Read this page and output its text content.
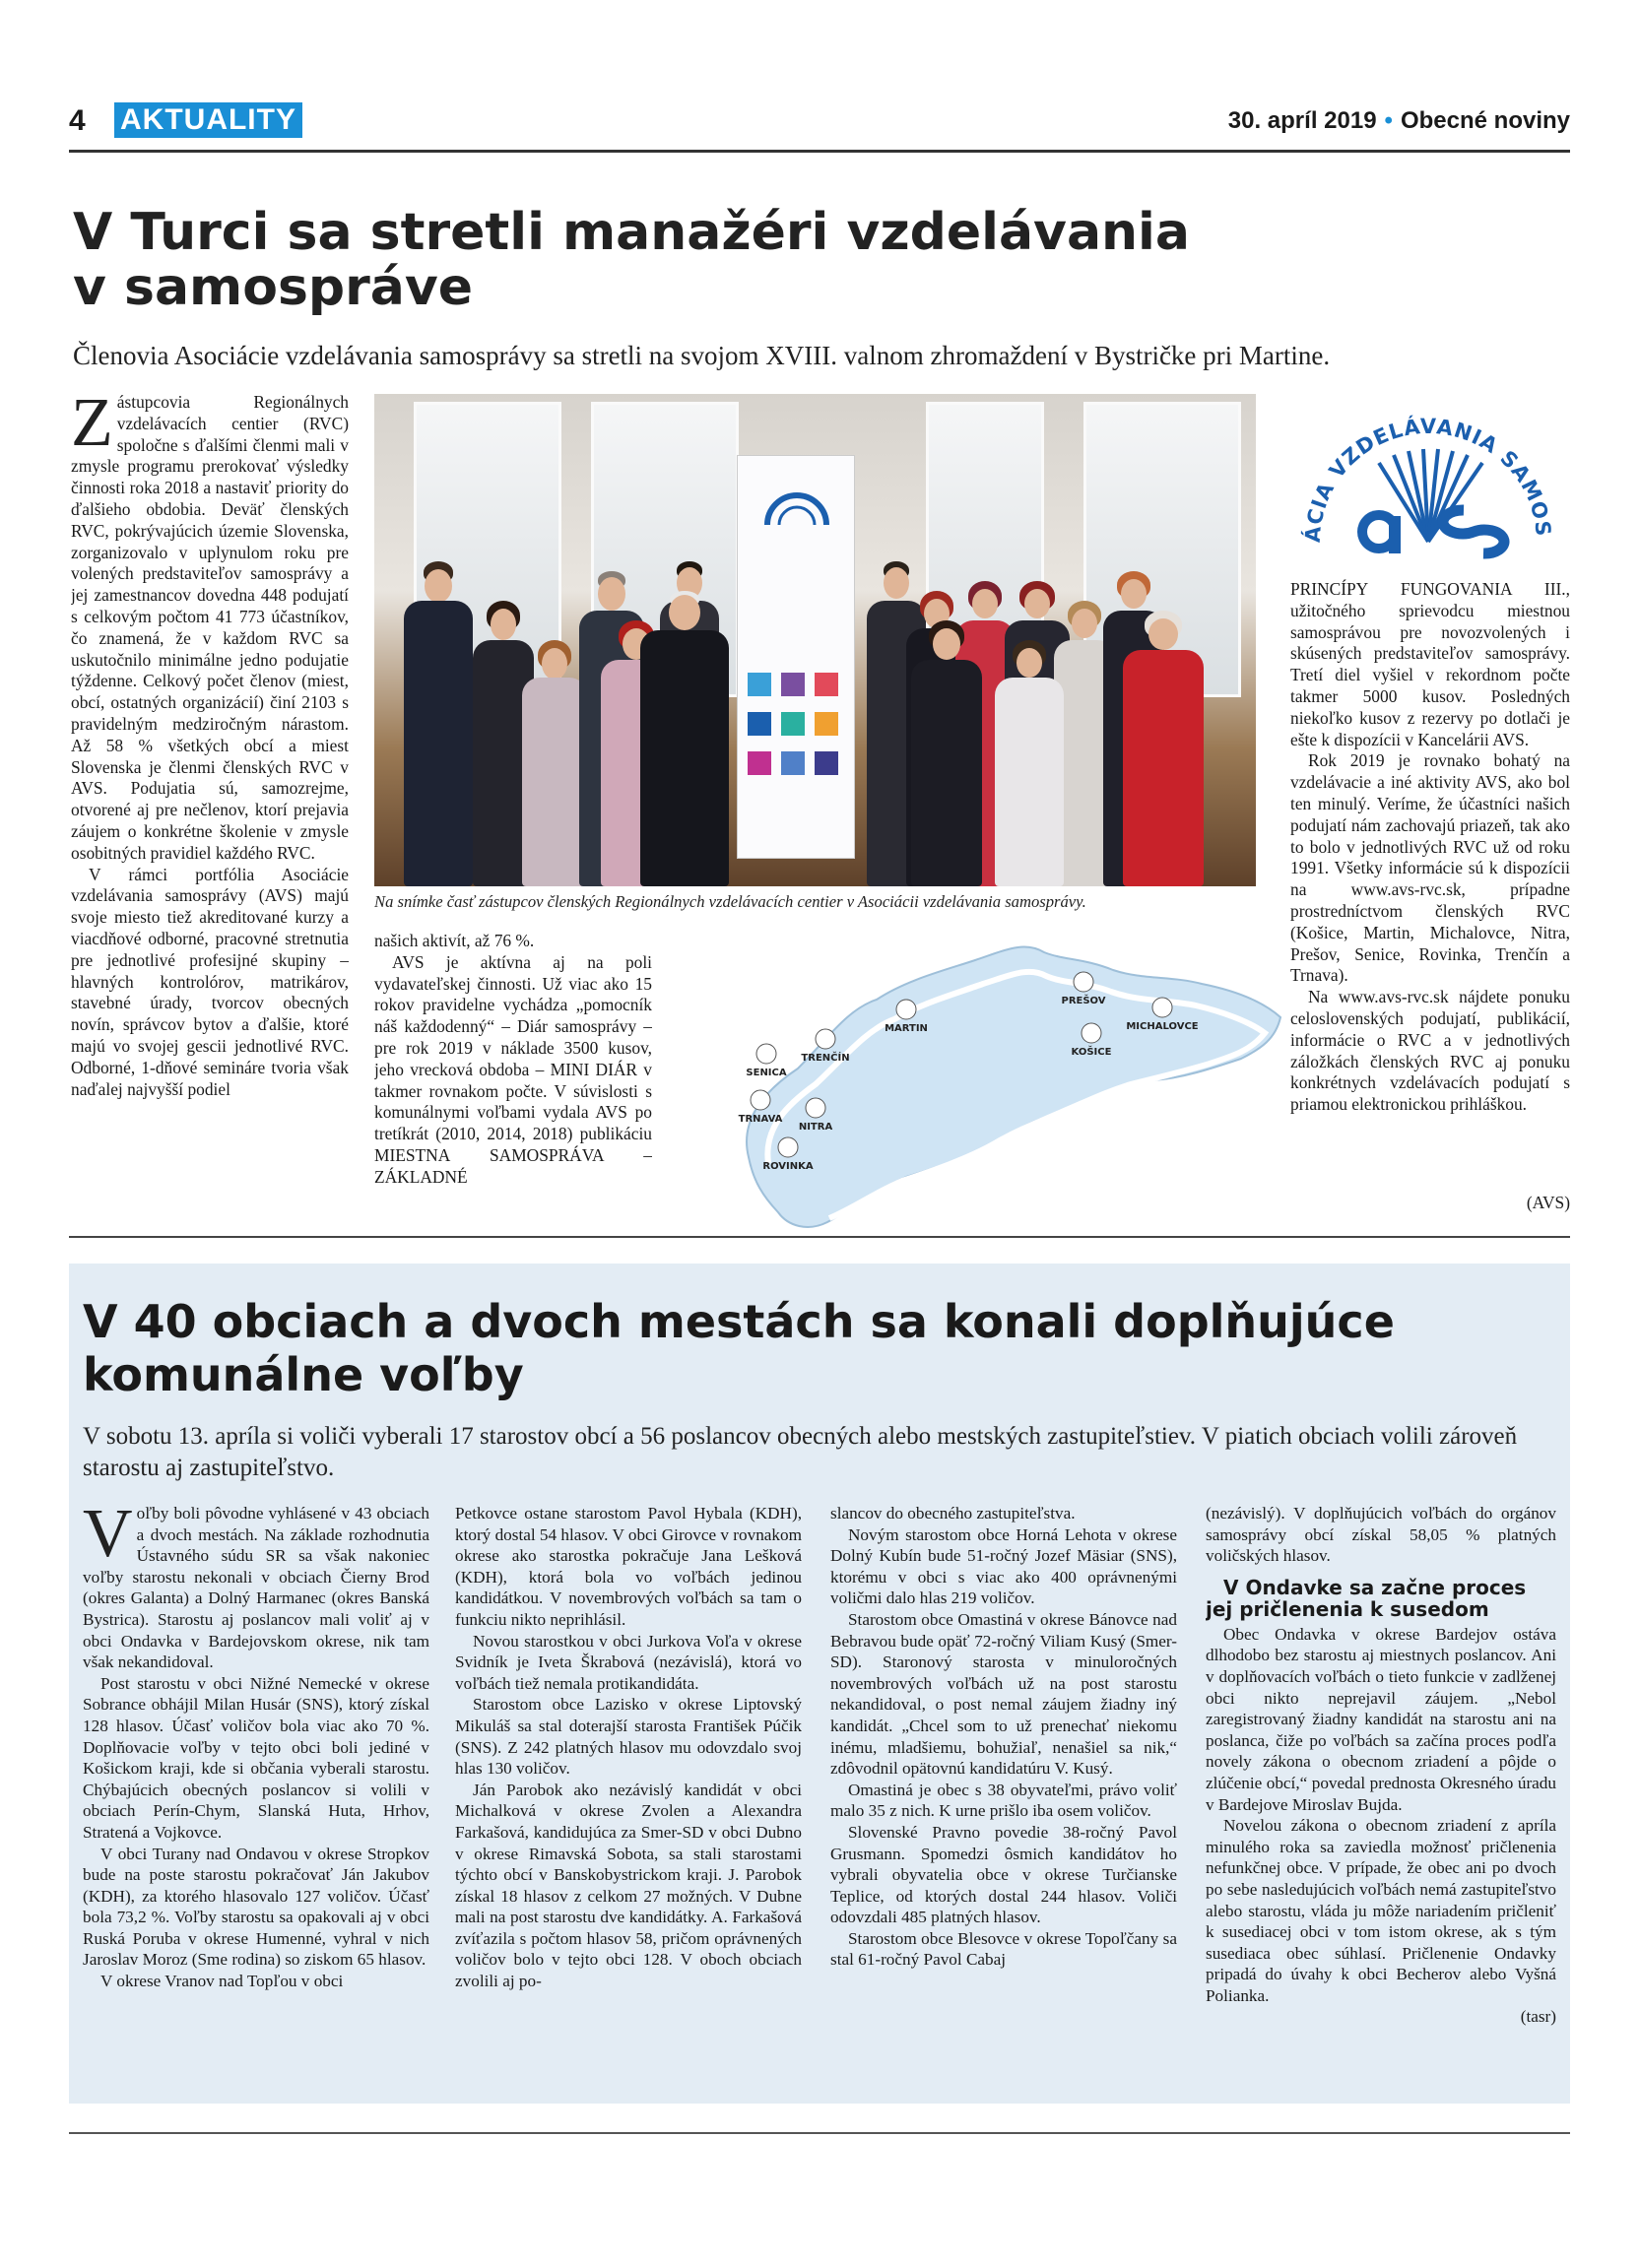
4 AKTUALITY	30. apríl 2019 • Obecné noviny
V Turci sa stretli manažéri vzdelávania
v samospráve
Členovia Asociácie vzdelávania samosprávy sa stretli na svojom XVIII. valnom zhromaždení v Bystričke pri Martine.

Zástupcovia Regionálnych vzdelávacích centier (RVC) spoločne s ďalšími členmi mali v zmysle programu prerokovať výsledky činnosti roka 2018 a nastaviť priority do ďalšieho obdobia. Deväť členských RVC, pokrývajúcich územie Slovenska, zorganizovalo v uplynulom roku pre volených predstaviteľov samosprávy a jej zamestnancov dovedna 448 podujatí s celkovým počtom 41 773 účastníkov, čo znamená, že v každom RVC sa uskutočnilo minimálne jedno podujatie týždenne. Celkový počet členov (miest, obcí, ostatných organizácií) činí 2103 s pravidelným medziročným nárastom. Až 58 % všetkých obcí a miest Slovenska je členmi členských RVC v AVS. Podujatia sú, samozrejme, otvorené aj pre nečlenov, ktorí prejavia záujem o konkrétne školenie v zmysle osobitných pravidiel každého RVC.

V rámci portfólia Asociácie vzdelávania samosprávy (AVS) majú svoje miesto tiež akreditované kurzy a viacdňové odborné, pracovné stretnutia pre jednotlivé profesijné skupiny – hlavných kontrolórov, matrikárov, stavebné úrady, tvorcov obecných novín, správcov bytov a ďalšie, ktoré majú vo svojej gescii jednotlivé RVC. Odborné, 1-dňové semináre tvoria však naďalej najvyšší podiel

Na snímke časť zástupcov členských Regionálnych vzdelávacích centier v Asociácii vzdelávania samosprávy.
ÁCIA VZDELÁVANIA SAMOS
avs

našich aktivít, až 76 %.

AVS je aktívna aj na poli vydavateľskej činnosti. Už viac ako 15 rokov pravidelne vychádza „pomocník náš každodenný“ – Diár samosprávy – pre rok 2019 v náklade 3500 kusov, jeho vrecková obdoba – MINI DIÁR v takmer rovnakom počte. V súvislosti s komunálnymi voľbami vydala AVS po tretíkrát (2010, 2014, 2018) publikáciu MIESTNA SAMOSPRÁVA – ZÁKLADNÉ

MARTIN
PREŠOV
TRENČÍN
KOŠICE
MICHALOVCE
SENICA
TRNAVA
NITRA
ROVINKA

PRINCÍPY FUNGOVANIA III., užitočného sprievodcu miestnou samosprávou pre novozvolených i skúsených predstaviteľov samosprávy. Tretí diel vyšiel v rekordnom počte takmer 5000 kusov. Posledných niekoľko kusov z rezervy po dotlači je ešte k dispozícii v Kancelárii AVS.

Rok 2019 je rovnako bohatý na vzdelávacie a iné aktivity AVS, ako bol ten minulý. Veríme, že účastníci našich podujatí nám zachovajú priazeň, tak ako to bolo v jednotlivých RVC už od roku 1991. Všetky informácie sú k dispozícii na www.avs-rvc.sk, prípadne prostredníctvom členských RVC (Košice, Martin, Michalovce, Nitra, Prešov, Senice, Rovinka, Trenčín a Trnava).

Na www.avs-rvc.sk nájdete ponuku celoslovenských podujatí, publikácií, informácie o RVC a v jednotlivých záložkách členských RVC aj ponuku konkrétnych vzdelávacích podujatí s priamou elektronickou prihláškou.

(AVS)
V 40 obciach a dvoch mestách sa konali doplňujúce
komunálne voľby
V sobotu 13. apríla si voliči vyberali 17 starostov obcí a 56 poslancov obecných alebo mestských zastupiteľstiev. V piatich obciach volili zároveň starostu aj zastupiteľstvo.

Voľby boli pôvodne vyhlásené v 43 obciach a dvoch mestách. Na základe rozhodnutia Ústavného súdu SR sa však nakoniec voľby starostu nekonali v obciach Čierny Brod (okres Galanta) a Dolný Harmanec (okres Banská Bystrica). Starostu aj poslancov mali voliť aj v obci Ondavka v Bardejovskom okrese, nik tam však nekandidoval.

Post starostu v obci Nižné Nemecké v okrese Sobrance obhájil Milan Husár (SNS), ktorý získal 128 hlasov. Účasť voličov bola viac ako 70 %. Doplňovacie voľby v tejto obci boli jediné v Košickom kraji, kde si občania vyberali starostu. Chýbajúcich obecných poslancov si volili v obciach Perín-Chym, Slanská Huta, Hrhov, Stratená a Vojkovce.

V obci Turany nad Ondavou v okrese Stropkov bude na poste starostu pokračovať Ján Jakubov (KDH), za ktorého hlasovalo 127 voličov. Účasť bola 73,2 %. Voľby starostu sa opakovali aj v obci Ruská Poruba v okrese Humenné, vyhral v nich Jaroslav Moroz (Sme rodina) so ziskom 65 hlasov.

V okrese Vranov nad Topľou v obci

Petkovce ostane starostom Pavol Hybala (KDH), ktorý dostal 54 hlasov. V obci Girovce v rovnakom okrese ako starostka pokračuje Jana Lešková (KDH), ktorá bola vo voľbách jedinou kandidátkou. V novembrových voľbách sa tam o funkciu nikto neprihlásil.

Novou starostkou v obci Jurkova Voľa v okrese Svidník je Iveta Škrabová (nezávislá), ktorá vo voľbách tiež nemala protikandidáta.

Starostom obce Lazisko v okrese Liptovský Mikuláš sa stal doterajší starosta František Púčik (SNS). Z 242 platných hlasov mu odovzdalo svoj hlas 130 voličov.

Ján Parobok ako nezávislý kandidát v obci Michalková v okrese Zvolen a Alexandra Farkašová, kandidujúca za Smer-SD v obci Dubno v okrese Rimavská Sobota, sa stali starostami týchto obcí v Banskobystrickom kraji. J. Parobok získal 18 hlasov z celkom 27 možných. V Dubne mali na post starostu dve kandidátky. A. Farkašová zvíťazila s počtom hlasov 58, pričom oprávnených voličov bolo v tejto obci 128. V oboch obciach zvolili aj po-

slancov do obecného zastupiteľstva.

Novým starostom obce Horná Lehota v okrese Dolný Kubín bude 51-ročný Jozef Mäsiar (SNS), ktorému v obci s viac ako 400 oprávnenými voličmi dalo hlas 219 voličov.

Starostom obce Omastiná v okrese Bánovce nad Bebravou bude opäť 72-ročný Viliam Kusý (Smer-SD). Staronový starosta v minuloročných novembrových voľbách už na post starostu nekandidoval, o post nemal záujem žiadny iný kandidát. „Chcel som to už prenechať niekomu inému, mladšiemu, bohužiaľ, nenašiel sa nik,“ zdôvodnil opätovnú kandidatúru V. Kusý.

Omastiná je obec s 38 obyvateľmi, právo voliť malo 35 z nich. K urne prišlo iba osem voličov.

Slovenské Pravno povedie 38-ročný Pavol Grusmann. Spomedzi ôsmich kandidátov ho vybrali obyvatelia obce v okrese Turčianske Teplice, od ktorých dostal 244 hlasov. Voliči odovzdali 485 platných hlasov.

Starostom obce Blesovce v okrese Topoľčany sa stal 61-ročný Pavol Cabaj

(nezávislý). V doplňujúcich voľbách do orgánov samosprávy obcí získal 58,05 % platných voličských hlasov.

V Ondavke sa začne proces jej pričlenenia k susedom

Obec Ondavka v okrese Bardejov ostáva dlhodobo bez starostu aj miestnych poslancov. Ani v doplňovacích voľbách o tieto funkcie v zadlženej obci nikto neprejavil záujem. „Nebol zaregistrovaný žiadny kandidát na starostu ani na poslanca, čiže po voľbách sa začína proces podľa novely zákona o obecnom zriadení a pôjde o zlúčenie obcí,“ povedal prednosta Okresného úradu v Bardejove Miroslav Bujda.

Novelou zákona o obecnom zriadení z apríla minulého roka sa zaviedla možnosť pričlenenia nefunkčnej obce. V prípade, že obec ani po dvoch po sebe nasledujúcich voľbách nemá zastupiteľstvo alebo starostu, vláda ju môže nariadením pričleniť k susediacej obci v tom istom okrese, ak s tým susediaca obec súhlasí. Pričlenenie Ondavky pripadá do úvahy k obci Becherov alebo Vyšná Polianka.

(tasr)
